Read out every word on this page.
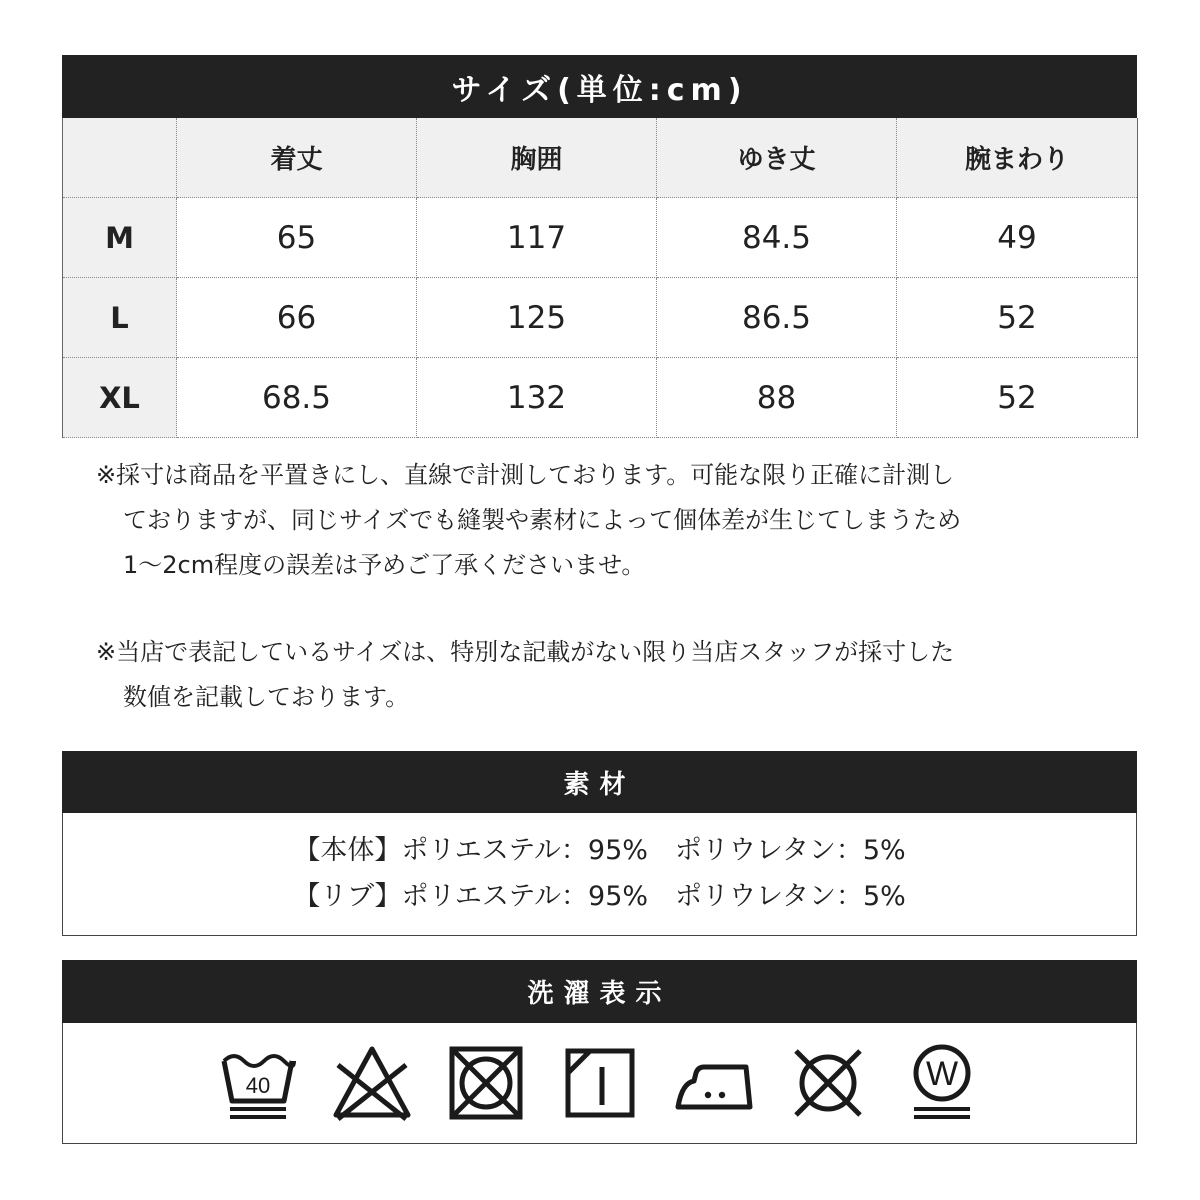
サイズ(単位:cm)
	着丈	胸囲	ゆき丈	腕まわり
M	65	117	84.5	49
L	66	125	86.5	52
XL	68.5	132	88	52
※採寸は商品を平置きにし、直線で計測しております。可能な限り正確に計測し
ておりますが、同じサイズでも縫製や素材によって個体差が生じてしまうため
1〜2cm程度の誤差は予めご了承くださいませ。
※当店で表記しているサイズは、特別な記載がない限り当店スタッフが採寸した
数値を記載しております。
素材
【本体】ポリエステル：95%　ポリウレタン：5%
【リブ】ポリエステル：95%　ポリウレタン：5%
洗濯表示
40	W
